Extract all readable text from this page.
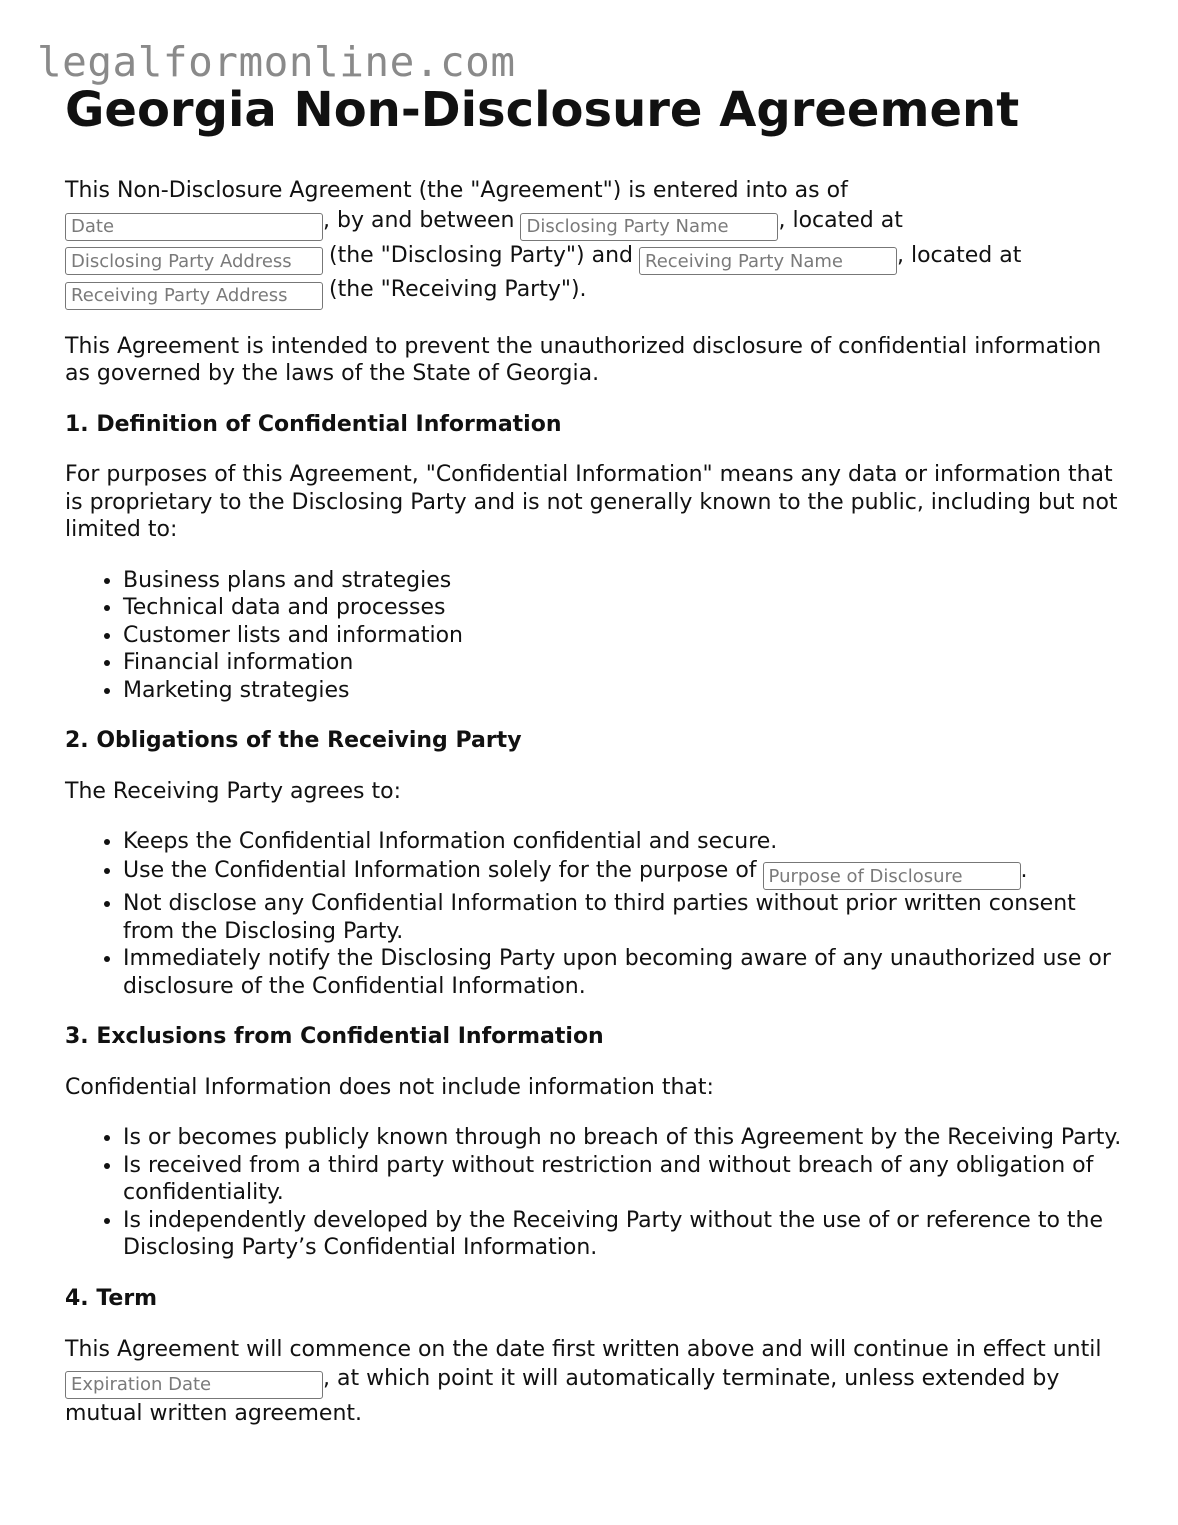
legalformonline.com
Georgia Non-Disclosure Agreement

This Non-Disclosure Agreement (the "Agreement") is entered into as of
Date, by and betweenDisclosing Party Name	, located at
Disclosing Party Address(the "Disclosing Party") andReceiving Party Name	, located at
Receiving Party Address(the "Receiving Party").

This Agreement is intended to prevent the unauthorized disclosure of confidential information as governed by the laws of the State of Georgia.

1. Definition of Confidential Information

For purposes of this Agreement, "Confidential Information" means any data or information that is proprietary to the Disclosing Party and is not generally known to the public, including but not limited to:

• Business plans and strategies
• Technical data and processes
• Customer lists and information
• Financial information
• Marketing strategies
2. Obligations of the Receiving Party

The Receiving Party agrees to:

• Keeps the Confidential Information confidential and secure.
• Use the Confidential Information solely for the purpose ofPurpose of Disclosure	.
• Not disclose any Confidential Information to third parties without prior written consent from the Disclosing Party.
• Immediately notify the Disclosing Party upon becoming aware of any unauthorized use or disclosure of the Confidential Information.
3. Exclusions from Confidential Information

Confidential Information does not include information that:

• Is or becomes publicly known through no breach of this Agreement by the Receiving Party.
• Is received from a third party without restriction and without breach of any obligation of confidentiality.
• Is independently developed by the Receiving Party without the use of or reference to the Disclosing Party’s Confidential Information.
4. Term

This Agreement will commence on the date first written above and will continue in effect untilExpiration Date, at which point it will automatically terminate, unless extended by mutual written agreement.
